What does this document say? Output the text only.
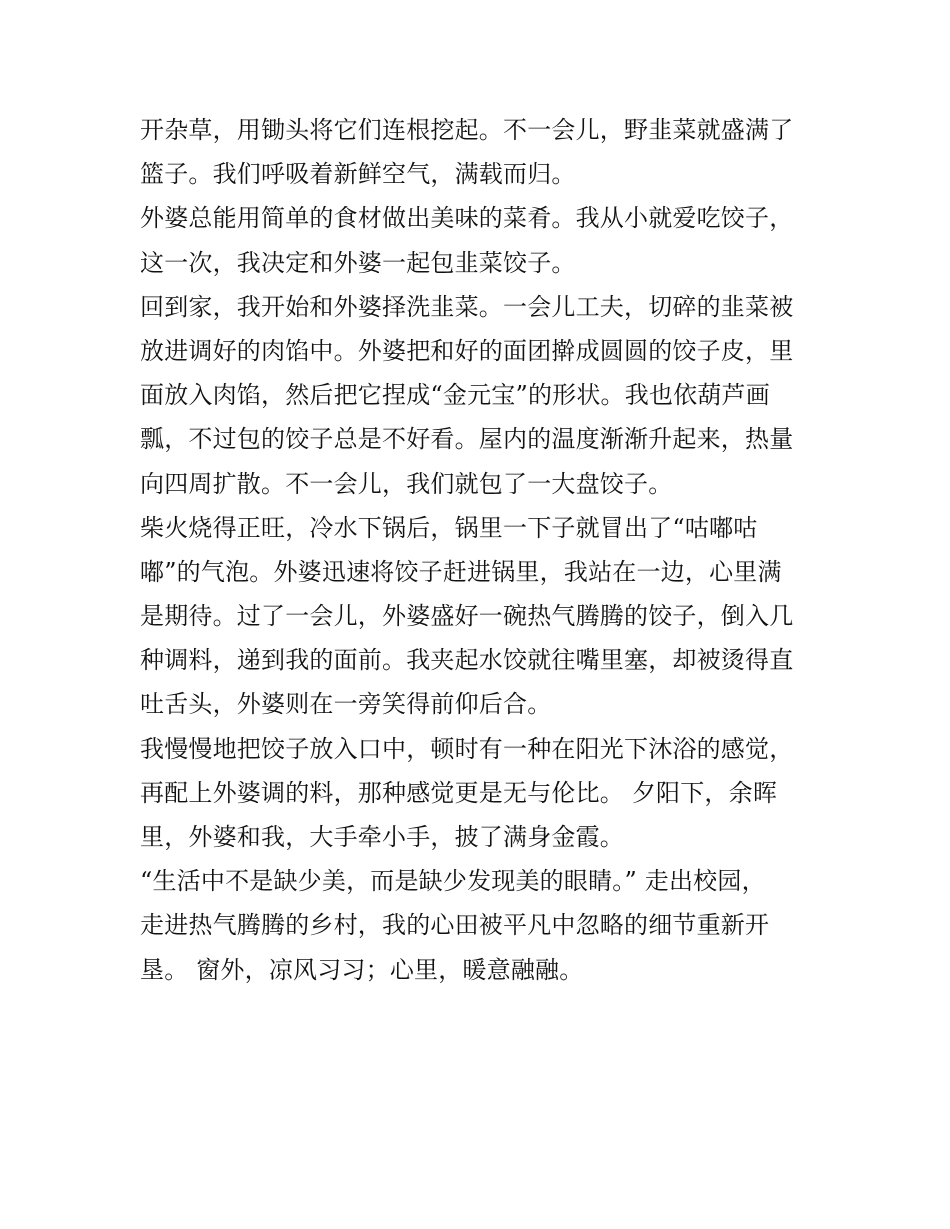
开杂草，用锄头将它们连根挖起。不一会儿，野韭菜就盛满了
篮子。我们呼吸着新鲜空气，满载而归。
外婆总能用简单的食材做出美味的菜肴。我从小就爱吃饺子，
这一次，我决定和外婆一起包韭菜饺子。
回到家，我开始和外婆择洗韭菜。一会儿工夫，切碎的韭菜被
放进调好的肉馅中。外婆把和好的面团擀成圆圆的饺子皮，里
面放入肉馅，然后把它捏成“金元宝”的形状。我也依葫芦画
瓢，不过包的饺子总是不好看。屋内的温度渐渐升起来，热量
向四周扩散。不一会儿，我们就包了一大盘饺子。
柴火烧得正旺，冷水下锅后，锅里一下子就冒出了“咕嘟咕
嘟”的气泡。外婆迅速将饺子赶进锅里，我站在一边，心里满
是期待。过了一会儿，外婆盛好一碗热气腾腾的饺子，倒入几
种调料，递到我的面前。我夹起水饺就往嘴里塞，却被烫得直
吐舌头，外婆则在一旁笑得前仰后合。
我慢慢地把饺子放入口中，顿时有一种在阳光下沐浴的感觉，
再配上外婆调的料，那种感觉更是无与伦比。 夕阳下，余晖
里，外婆和我，大手牵小手，披了满身金霞。
“生活中不是缺少美，而是缺少发现美的眼睛。” 走出校园，
走进热气腾腾的乡村，我的心田被平凡中忽略的细节重新开
垦。 窗外，凉风习习；心里，暖意融融。
